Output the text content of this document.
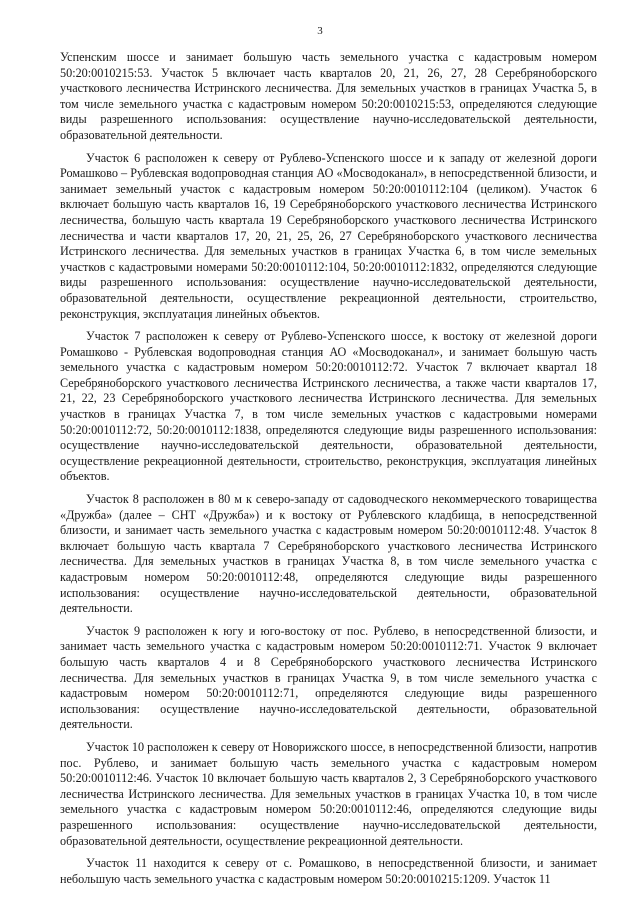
3

Успенским шоссе и занимает большую часть земельного участка с кадастровым номером 50:20:0010215:53. Участок 5 включает часть кварталов 20, 21, 26, 27, 28 Серебряноборского участкового лесничества Истринского лесничества. Для земельных участков в границах Участка 5, в том числе земельного участка с кадастровым номером 50:20:0010215:53, определяются следующие виды разрешенного использования: осуществление научно-исследовательской деятельности, образовательной деятельности.

Участок 6 расположен к северу от Рублево-Успенского шоссе и к западу от железной дороги Ромашково – Рублевская водопроводная станция АО «Мосводоканал», в непосредственной близости, и занимает земельный участок с кадастровым номером 50:20:0010112:104 (целиком). Участок 6 включает большую часть кварталов 16, 19 Серебряноборского участкового лесничества Истринского лесничества, большую часть квартала 19 Серебряноборского участкового лесничества Истринского лесничества и части кварталов 17, 20, 21, 25, 26, 27 Серебряноборского участкового лесничества Истринского лесничества. Для земельных участков в границах Участка 6, в том числе земельных участков с кадастровыми номерами 50:20:0010112:104, 50:20:0010112:1832, определяются следующие виды разрешенного использования: осуществление научно-исследовательской деятельности, образовательной деятельности, осуществление рекреационной деятельности, строительство, реконструкция, эксплуатация линейных объектов.

Участок 7 расположен к северу от Рублево-Успенского шоссе, к востоку от железной дороги Ромашково - Рублевская водопроводная станция АО «Мосводоканал», и занимает большую часть земельного участка с кадастровым номером 50:20:0010112:72. Участок 7 включает квартал 18 Серебряноборского участкового лесничества Истринского лесничества, а также части кварталов 17, 21, 22, 23 Серебряноборского участкового лесничества Истринского лесничества. Для земельных участков в границах Участка 7, в том числе земельных участков с кадастровыми номерами 50:20:0010112:72, 50:20:0010112:1838, определяются следующие виды разрешенного использования: осуществление научно-исследовательской деятельности, образовательной деятельности, осуществление рекреационной деятельности, строительство, реконструкция, эксплуатация линейных объектов.

Участок 8 расположен в 80 м к северо-западу от садоводческого некоммерческого товарищества «Дружба» (далее – СНТ «Дружба») и к востоку от Рублевского кладбища, в непосредственной близости, и занимает часть земельного участка с кадастровым номером 50:20:0010112:48. Участок 8 включает большую часть квартала 7 Серебряноборского участкового лесничества Истринского лесничества. Для земельных участков в границах Участка 8, в том числе земельного участка с кадастровым номером 50:20:0010112:48, определяются следующие виды разрешенного использования: осуществление научно-исследовательской деятельности, образовательной деятельности.

Участок 9 расположен к югу и юго-востоку от пос. Рублево, в непосредственной близости, и занимает часть земельного участка с кадастровым номером 50:20:0010112:71. Участок 9 включает большую часть кварталов 4 и 8 Серебряноборского участкового лесничества Истринского лесничества. Для земельных участков в границах Участка 9, в том числе земельного участка с кадастровым номером 50:20:0010112:71, определяются следующие виды разрешенного использования: осуществление научно-исследовательской деятельности, образовательной деятельности.

Участок 10 расположен к северу от Новорижского шоссе, в непосредственной близости, напротив пос. Рублево, и занимает большую часть земельного участка с кадастровым номером 50:20:0010112:46. Участок 10 включает большую часть кварталов 2, 3 Серебряноборского участкового лесничества Истринского лесничества. Для земельных участков в границах Участка 10, в том числе земельного участка с кадастровым номером 50:20:0010112:46, определяются следующие виды разрешенного использования: осуществление научно-исследовательской деятельности, образовательной деятельности, осуществление рекреационной деятельности.

Участок 11 находится к северу от с. Ромашково, в непосредственной близости, и занимает небольшую часть земельного участка с кадастровым номером 50:20:0010215:1209. Участок 11
